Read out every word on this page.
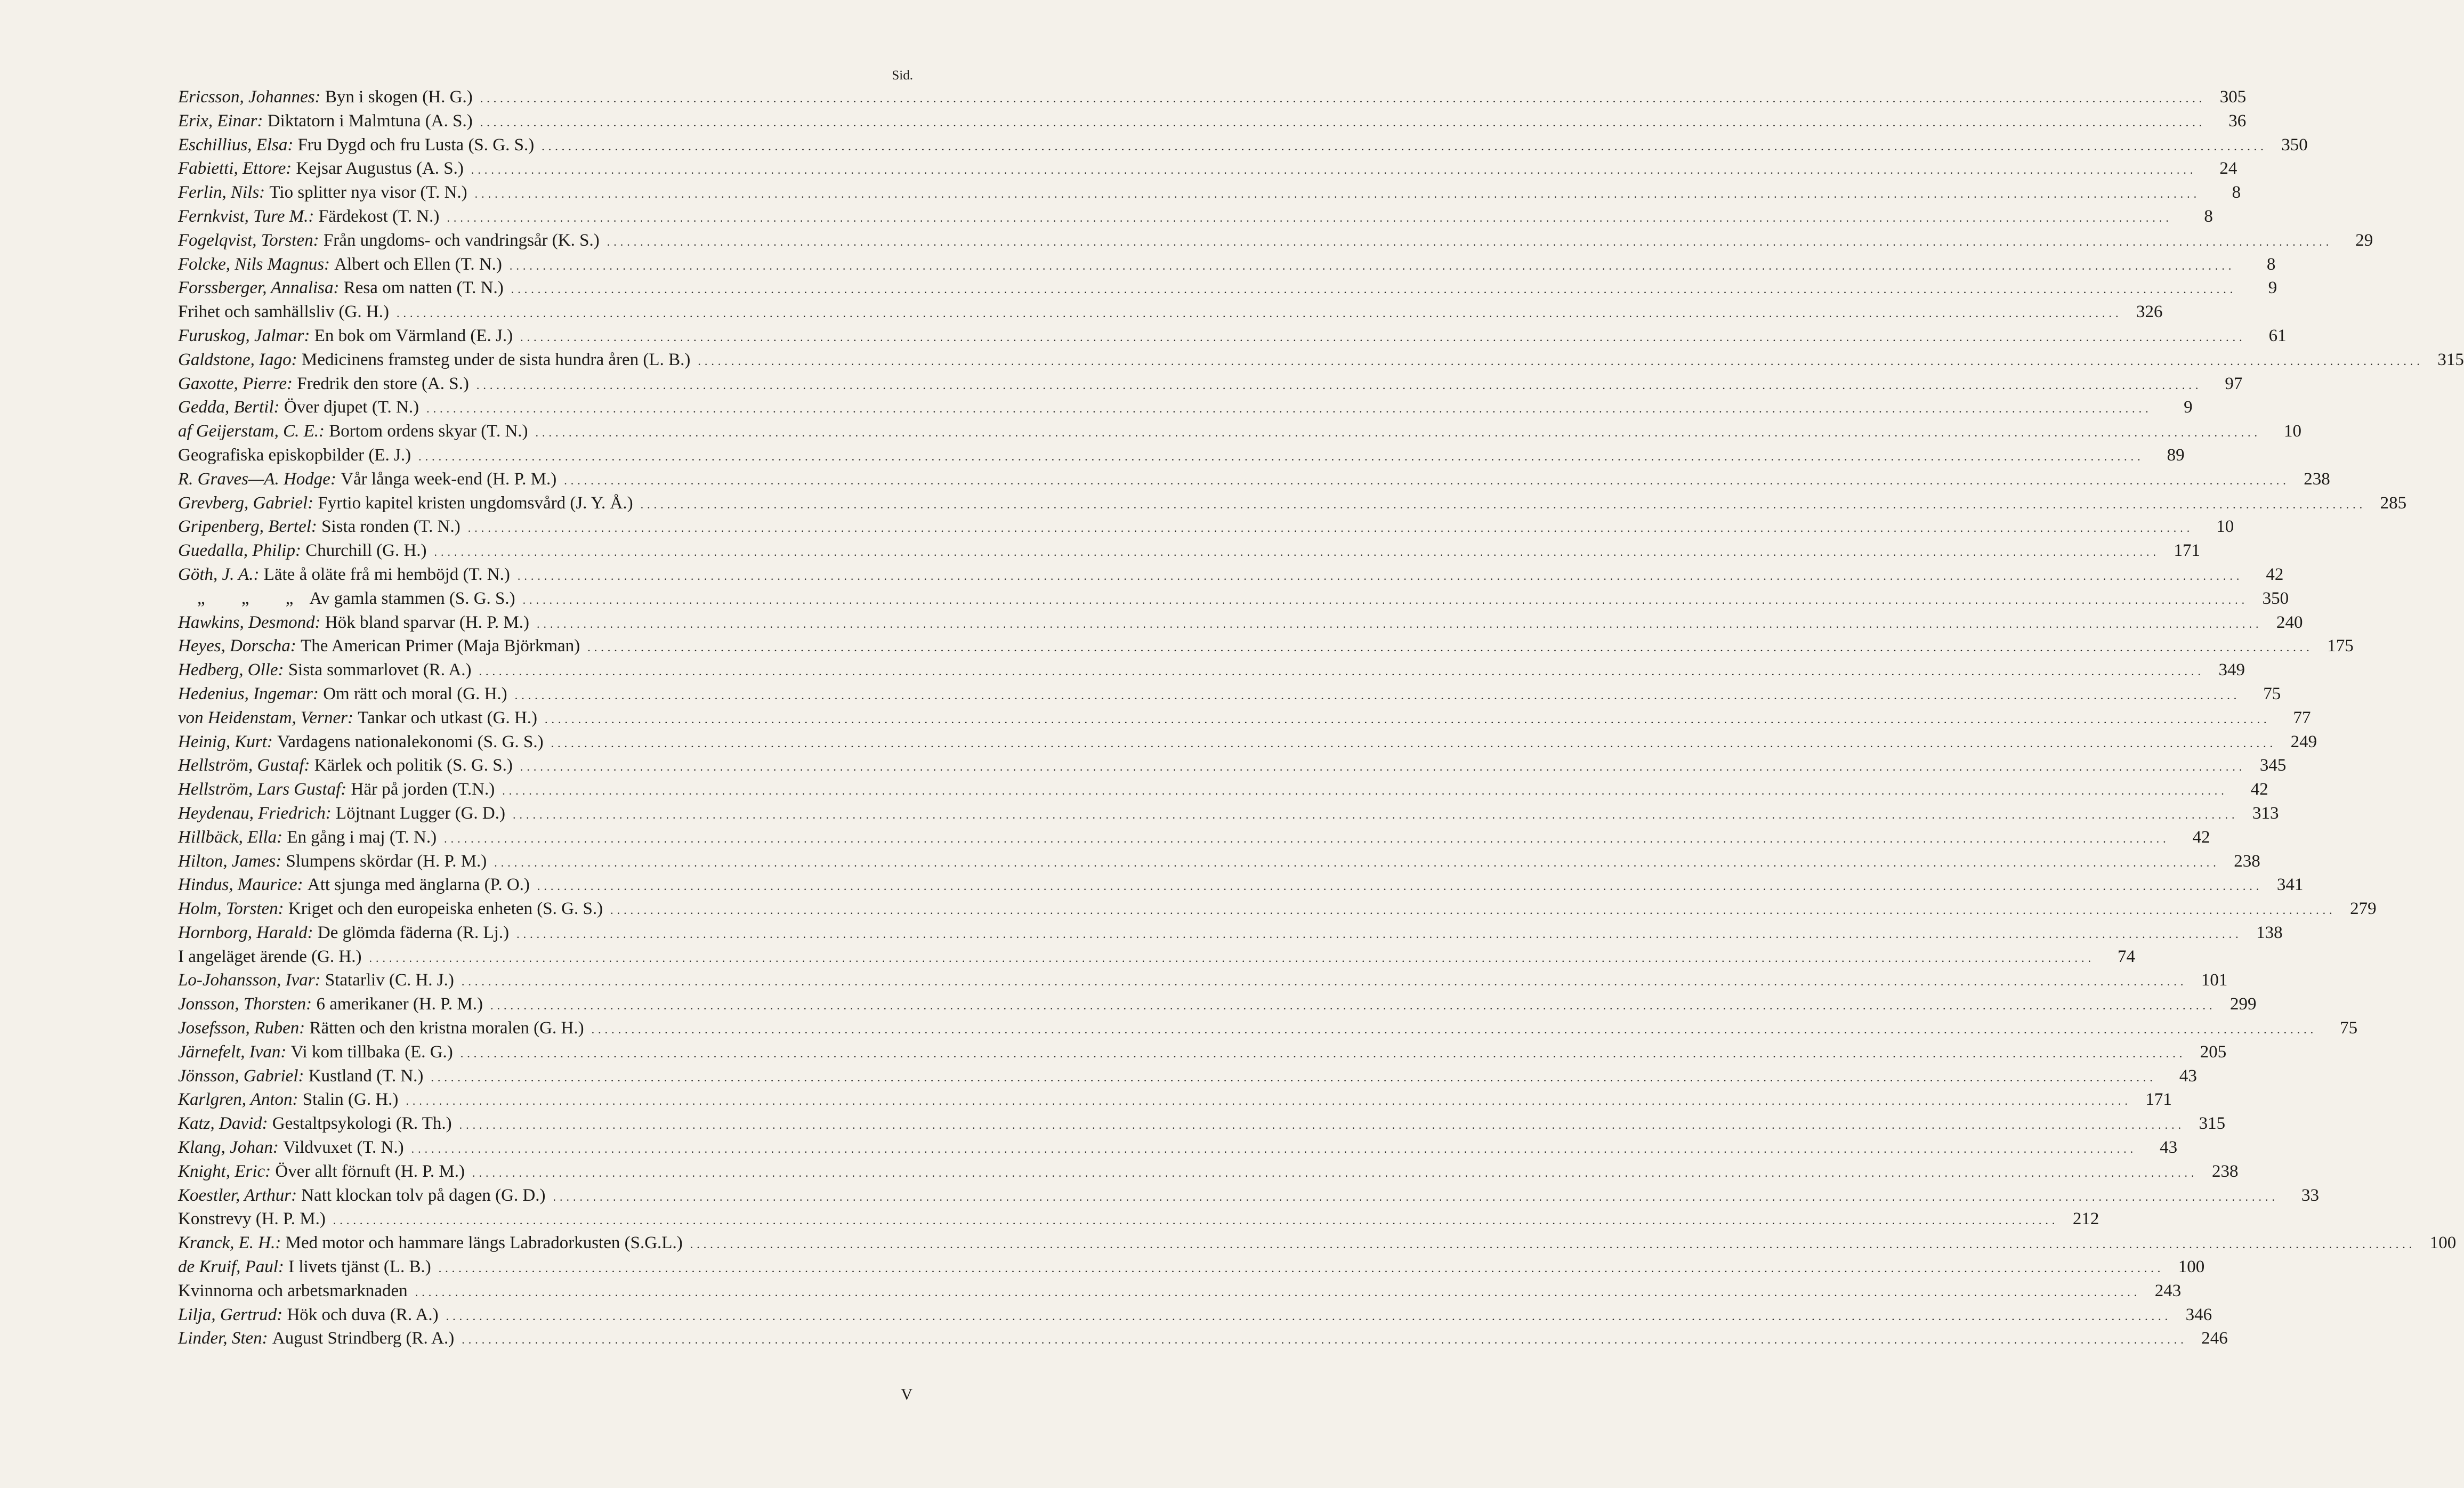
Sid.
Ericsson, Johannes:
Byn i skogen (H. G.) ................................................................................................................................................................................................................................................................... 305
Erix, Einar:
Diktatorn i Malmtuna (A. S.) ...................................................................................................................................................................................................................................................................	36
Eschillius, Elsa:
Fru Dygd och fru Lusta (S. G. S.) ................................................................................................................................................................................................................................................................... 350
Fabietti, Ettore:
Kejsar Augustus (A. S.) ...................................................................................................................................................................................................................................................................	24
Ferlin, Nils:
Tio splitter nya visor (T. N.) ...................................................................................................................................................................................................................................................................	8
Fernkvist, Ture M.:
Färdekost (T. N.) ...................................................................................................................................................................................................................................................................	8
Fogelqvist, Torsten:
Från ungdoms- och vandringsår (K. S.) ...................................................................................................................................................................................................................................................................	29
Folcke, Nils Magnus:
Albert och Ellen (T. N.) ...................................................................................................................................................................................................................................................................	8
Forssberger, Annalisa:
Resa om natten (T. N.) ...................................................................................................................................................................................................................................................................	9
Frihet och samhällsliv (G. H.) ................................................................................................................................................................................................................................................................... 326
Furuskog, Jalmar:
En bok om Värmland (E. J.) ...................................................................................................................................................................................................................................................................	61
Galdstone, Iago:
Medicinens framsteg under de sista hundra åren (L. B.) ................................................................................................................................................................................................................................................................... 315
Gaxotte, Pierre:
Fredrik den store (A. S.) ...................................................................................................................................................................................................................................................................	97
Gedda, Bertil:
Över djupet (T. N.) ...................................................................................................................................................................................................................................................................	9
af Geijerstam, C. E.:
Bortom ordens skyar (T. N.) ...................................................................................................................................................................................................................................................................	10
Geografiska episkopbilder (E. J.) ...................................................................................................................................................................................................................................................................	89
R. Graves—A. Hodge:
Vår långa week-end (H. P. M.) ................................................................................................................................................................................................................................................................... 238
Grevberg, Gabriel:
Fyrtio kapitel kristen ungdomsvård (J. Y. Å.) ................................................................................................................................................................................................................................................................... 285
Gripenberg, Bertel:
Sista ronden (T. N.) ...................................................................................................................................................................................................................................................................	10
Guedalla, Philip:
Churchill (G. H.) ................................................................................................................................................................................................................................................................... 171
Göth, J. A.:
Läte å oläte frå mi hemböjd (T. N.) ...................................................................................................................................................................................................................................................................	42
„ „ „ Av gamla stammen (S. G. S.) ................................................................................................................................................................................................................................................................... 350
Hawkins, Desmond:
Hök bland sparvar (H. P. M.) ................................................................................................................................................................................................................................................................... 240
Heyes, Dorscha:
The American Primer (Maja Björkman) ................................................................................................................................................................................................................................................................... 175
Hedberg, Olle:
Sista sommarlovet (R. A.) ................................................................................................................................................................................................................................................................... 349
Hedenius, Ingemar:
Om rätt och moral (G. H.) ...................................................................................................................................................................................................................................................................	75
von Heidenstam, Verner:
Tankar och utkast (G. H.) ...................................................................................................................................................................................................................................................................	77
Heinig, Kurt:
Vardagens nationalekonomi (S. G. S.) ................................................................................................................................................................................................................................................................... 249
Hellström, Gustaf:
Kärlek och politik (S. G. S.) ................................................................................................................................................................................................................................................................... 345
Hellström, Lars Gustaf:
Här på jorden (T.N.) ...................................................................................................................................................................................................................................................................	42
Heydenau, Friedrich:
Löjtnant Lugger (G. D.) ................................................................................................................................................................................................................................................................... 313
Hillbäck, Ella:
En gång i maj (T. N.) ...................................................................................................................................................................................................................................................................	42
Hilton, James:
Slumpens skördar (H. P. M.) ................................................................................................................................................................................................................................................................... 238
Hindus, Maurice:
Att sjunga med änglarna (P. O.) ................................................................................................................................................................................................................................................................... 341
Holm, Torsten:
Kriget och den europeiska enheten (S. G. S.) ................................................................................................................................................................................................................................................................... 279
Hornborg, Harald:
De glömda fäderna (R. Lj.) ................................................................................................................................................................................................................................................................... 138
I angeläget ärende (G. H.) ...................................................................................................................................................................................................................................................................	74
Lo-Johansson, Ivar:
Statarliv (C. H. J.) ................................................................................................................................................................................................................................................................... 101
Jonsson, Thorsten:
6 amerikaner (H. P. M.) ................................................................................................................................................................................................................................................................... 299
Josefsson, Ruben:
Rätten och den kristna moralen (G. H.) ...................................................................................................................................................................................................................................................................	75
Järnefelt, Ivan:
Vi kom tillbaka (E. G.) ................................................................................................................................................................................................................................................................... 205
Jönsson, Gabriel:
Kustland (T. N.) ...................................................................................................................................................................................................................................................................	43
Karlgren, Anton:
Stalin (G. H.) ................................................................................................................................................................................................................................................................... 171
Katz, David:
Gestaltpsykologi (R. Th.) ................................................................................................................................................................................................................................................................... 315
Klang, Johan:
Vildvuxet (T. N.) ...................................................................................................................................................................................................................................................................	43
Knight, Eric:
Över allt förnuft (H. P. M.) ................................................................................................................................................................................................................................................................... 238
Koestler, Arthur:
Natt klockan tolv på dagen (G. D.) ...................................................................................................................................................................................................................................................................	33
Konstrevy (H. P. M.) ................................................................................................................................................................................................................................................................... 212
Kranck, E. H.:
Med motor och hammare längs Labradorkusten (S.G.L.) ................................................................................................................................................................................................................................................................... 100
de Kruif, Paul:
I livets tjänst (L. B.) ................................................................................................................................................................................................................................................................... 100
Kvinnorna och arbetsmarknaden ................................................................................................................................................................................................................................................................... 243
Lilja, Gertrud:
Hök och duva (R. A.) ................................................................................................................................................................................................................................................................... 346
Linder, Sten:
August Strindberg (R. A.) ................................................................................................................................................................................................................................................................... 246
V
